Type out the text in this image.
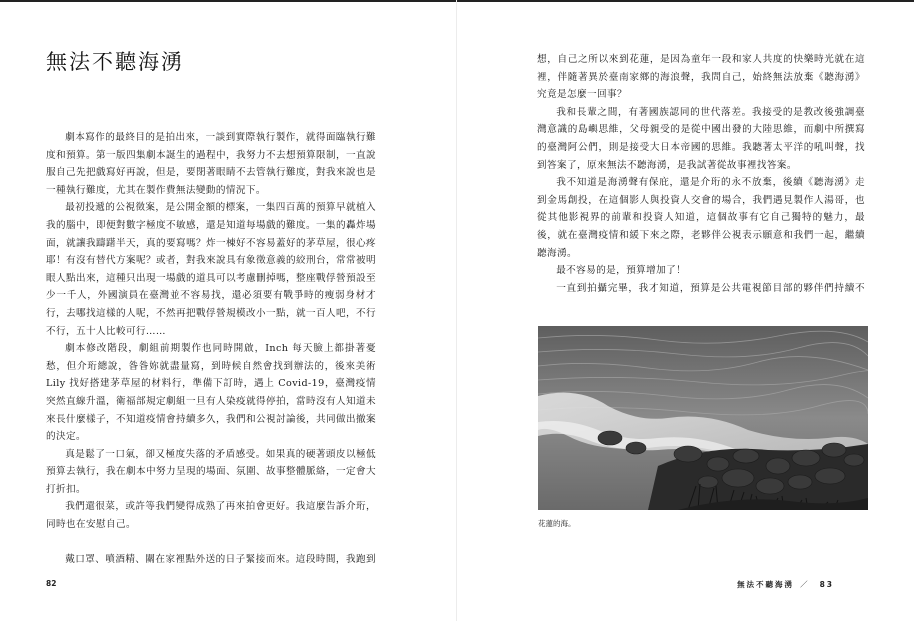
無法不聽海湧

劇本寫作的最終目的是拍出來，一談到實際執行製作，就得面臨執行難度和預算。第一版四集劇本誕生的過程中，我努力不去想預算限制，一直說服自己先把戲寫好再說，但是，要閉著眼睛不去管執行難度，對我來說也是一種執行難度，尤其在製作費無法變動的情況下。

最初投遞的公視徵案，是公開金額的標案，一集四百萬的預算早就植入我的腦中，即便對數字極度不敏感，還是知道每場戲的難度。一集的轟炸場面，就讓我躊躇半天，真的要寫嗎？炸一棟好不容易蓋好的茅草屋，很心疼耶！有沒有替代方案呢？或者，對我來說具有象徵意義的絞刑台，常常被明眼人點出來，這種只出現一場戲的道具可以考慮刪掉嗎，整座戰俘營預設至少一千人，外國演員在臺灣並不容易找，還必須要有戰爭時的瘦弱身材才行，去哪找這樣的人呢，不然再把戰俘營規模改小一點，就一百人吧，不行不行，五十人比較可行……

劇本修改階段，劇組前期製作也同時開啟，Inch 每天臉上都掛著憂愁，但介珩總說，昝昝妳就盡量寫，到時候自然會找到辦法的，後來美術 Lily 找好搭建茅草屋的材料行，準備下訂時，遇上 Covid-19，臺灣疫情突然直線升溫，衛福部規定劇組一旦有人染疫就得停拍，當時沒有人知道未來長什麼樣子，不知道疫情會持續多久，我們和公視討論後，共同做出撤案的決定。

真是鬆了一口氣，卻又極度失落的矛盾感受。如果真的硬著頭皮以極低預算去執行，我在劇本中努力呈現的場面、氛圍、故事整體脈絡，一定會大打折扣。

我們還很菜，或許等我們變得成熟了再來拍會更好。我這麼告訴介珩，同時也在安慰自己。

戴口罩、噴酒精、關在家裡點外送的日子緊接而來。這段時間，我跑到

82

想，自己之所以來到花蓮，是因為童年一段和家人共度的快樂時光就在這裡，伴隨著異於臺南家鄉的海浪聲，我問自己，始終無法放棄《聽海湧》究竟是怎麼一回事？

我和長輩之間，有著國族認同的世代落差。我接受的是教改後強調臺灣意識的島嶼思維，父母親受的是從中國出發的大陸思維，而劇中所撰寫的臺灣阿公們，則是接受大日本帝國的思維。我聽著太平洋的吼叫聲，找到答案了，原來無法不聽海湧，是我試著從故事裡找答案。

我不知道是海湧聲有保庇，還是介珩的永不放棄，後續《聽海湧》走到金馬創投，在這個影人與投資人交會的場合，我們遇見製作人湯哥，也從其他影視界的前輩和投資人知道，這個故事有它自己獨特的魅力，最後，就在臺灣疫情和緩下來之際，老夥伴公視表示願意和我們一起，繼續聽海湧。

最不容易的是，預算增加了！

一直到拍攝完畢，我才知道，預算是公共電視節目部的夥伴們持續不

花蓮的海。
無法不聽海湧 ／ 83
